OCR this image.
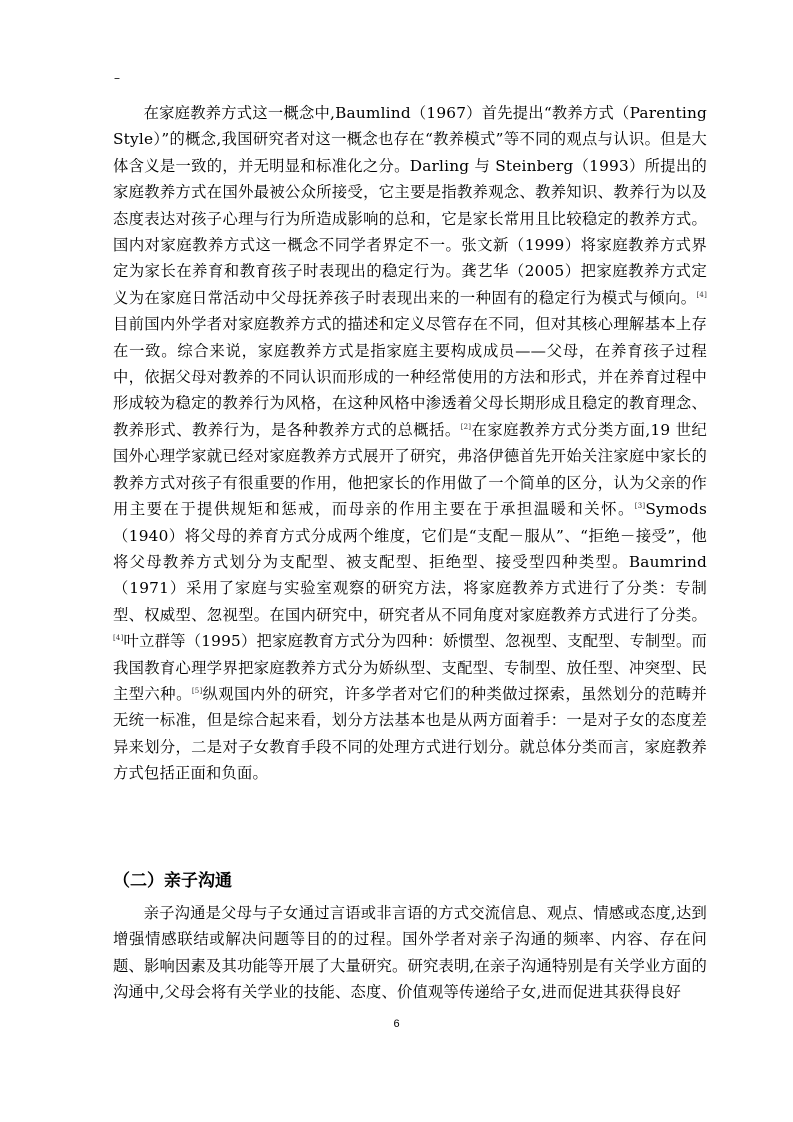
–

在家庭教养方式这一概念中,Baumlind（1967）首先提出“教养方式（Parenting Style）”的概念,我国研究者对这一概念也存在“教养模式”等不同的观点与认识。但是大体含义是一致的，并无明显和标准化之分。Darling 与 Steinberg（1993）所提出的家庭教养方式在国外最被公众所接受，它主要是指教养观念、教养知识、教养行为以及态度表达对孩子心理与行为所造成影响的总和，它是家长常用且比较稳定的教养方式。国内对家庭教养方式这一概念不同学者界定不一。张文新（1999）将家庭教养方式界定为家长在养育和教育孩子时表现出的稳定行为。龚艺华（2005）把家庭教养方式定义为在家庭日常活动中父母抚养孩子时表现出来的一种固有的稳定行为模式与倾向。[4]目前国内外学者对家庭教养方式的描述和定义尽管存在不同，但对其核心理解基本上存在一致。综合来说，家庭教养方式是指家庭主要构成成员——父母，在养育孩子过程中，依据父母对教养的不同认识而形成的一种经常使用的方法和形式，并在养育过程中形成较为稳定的教养行为风格，在这种风格中渗透着父母长期形成且稳定的教育理念、教养形式、教养行为，是各种教养方式的总概括。[2]在家庭教养方式分类方面,19 世纪国外心理学家就已经对家庭教养方式展开了研究，弗洛伊德首先开始关注家庭中家长的教养方式对孩子有很重要的作用，他把家长的作用做了一个简单的区分，认为父亲的作用主要在于提供规矩和惩戒，而母亲的作用主要在于承担温暖和关怀。[3]Symods（1940）将父母的养育方式分成两个维度，它们是“支配－服从”、“拒绝－接受”，他将父母教养方式划分为支配型、被支配型、拒绝型、接受型四种类型。Baumrind（1971）采用了家庭与实验室观察的研究方法，将家庭教养方式进行了分类：专制型、权威型、忽视型。在国内研究中，研究者从不同角度对家庭教养方式进行了分类。[4]叶立群等（1995）把家庭教育方式分为四种：娇惯型、忽视型、支配型、专制型。而我国教育心理学界把家庭教养方式分为娇纵型、支配型、专制型、放任型、冲突型、民主型六种。[5]纵观国内外的研究，许多学者对它们的种类做过探索，虽然划分的范畴并无统一标准，但是综合起来看，划分方法基本也是从两方面着手：一是对子女的态度差异来划分，二是对子女教育手段不同的处理方式进行划分。就总体分类而言，家庭教养方式包括正面和负面。

（二）亲子沟通

亲子沟通是父母与子女通过言语或非言语的方式交流信息、观点、情感或态度,达到增强情感联结或解决问题等目的的过程。国外学者对亲子沟通的频率、内容、存在问题、影响因素及其功能等开展了大量研究。研究表明,在亲子沟通特别是有关学业方面的沟通中,父母会将有关学业的技能、态度、价值观等传递给子女,进而促进其获得良好

6
